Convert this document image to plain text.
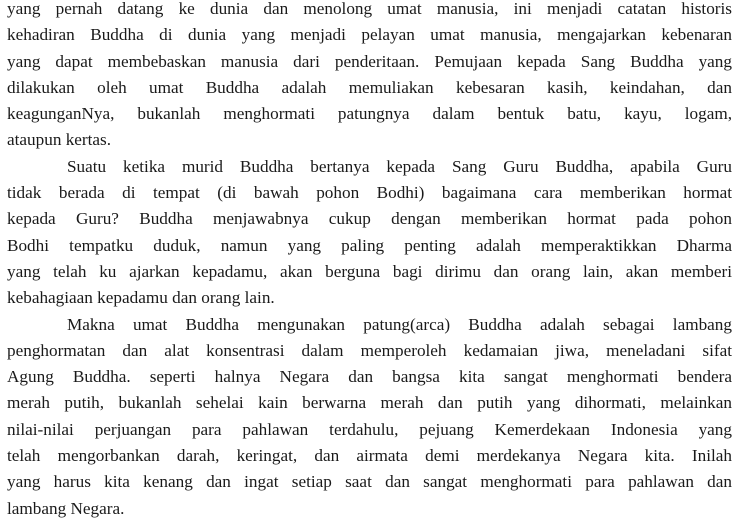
yang pernah datang ke dunia dan menolong umat manusia, ini menjadi catatan historis
kehadiran Buddha di dunia yang menjadi pelayan umat manusia, mengajarkan kebenaran
yang dapat membebaskan manusia dari penderitaan. Pemujaan kepada Sang Buddha yang
dilakukan oleh umat Buddha adalah memuliakan kebesaran kasih, keindahan, dan
keagunganNya, bukanlah menghormati patungnya dalam bentuk batu, kayu, logam,
ataupun kertas.
Suatu ketika murid Buddha bertanya kepada Sang Guru Buddha, apabila Guru
tidak berada di tempat (di bawah pohon Bodhi) bagaimana cara memberikan hormat
kepada Guru? Buddha menjawabnya cukup dengan memberikan hormat pada pohon
Bodhi tempatku duduk, namun yang paling penting adalah memperaktikkan Dharma
yang telah ku ajarkan kepadamu, akan berguna bagi dirimu dan orang lain, akan memberi
kebahagiaan kepadamu dan orang lain.
Makna umat Buddha mengunakan patung(arca) Buddha adalah sebagai lambang
penghormatan dan alat konsentrasi dalam memperoleh kedamaian jiwa, meneladani sifat
Agung Buddha. seperti halnya Negara dan bangsa kita sangat menghormati bendera
merah putih, bukanlah sehelai kain berwarna merah dan putih yang dihormati, melainkan
nilai-nilai perjuangan para pahlawan terdahulu, pejuang Kemerdekaan Indonesia yang
telah mengorbankan darah, keringat, dan airmata demi merdekanya Negara kita. Inilah
yang harus kita kenang dan ingat setiap saat dan sangat menghormati para pahlawan dan
lambang Negara.
